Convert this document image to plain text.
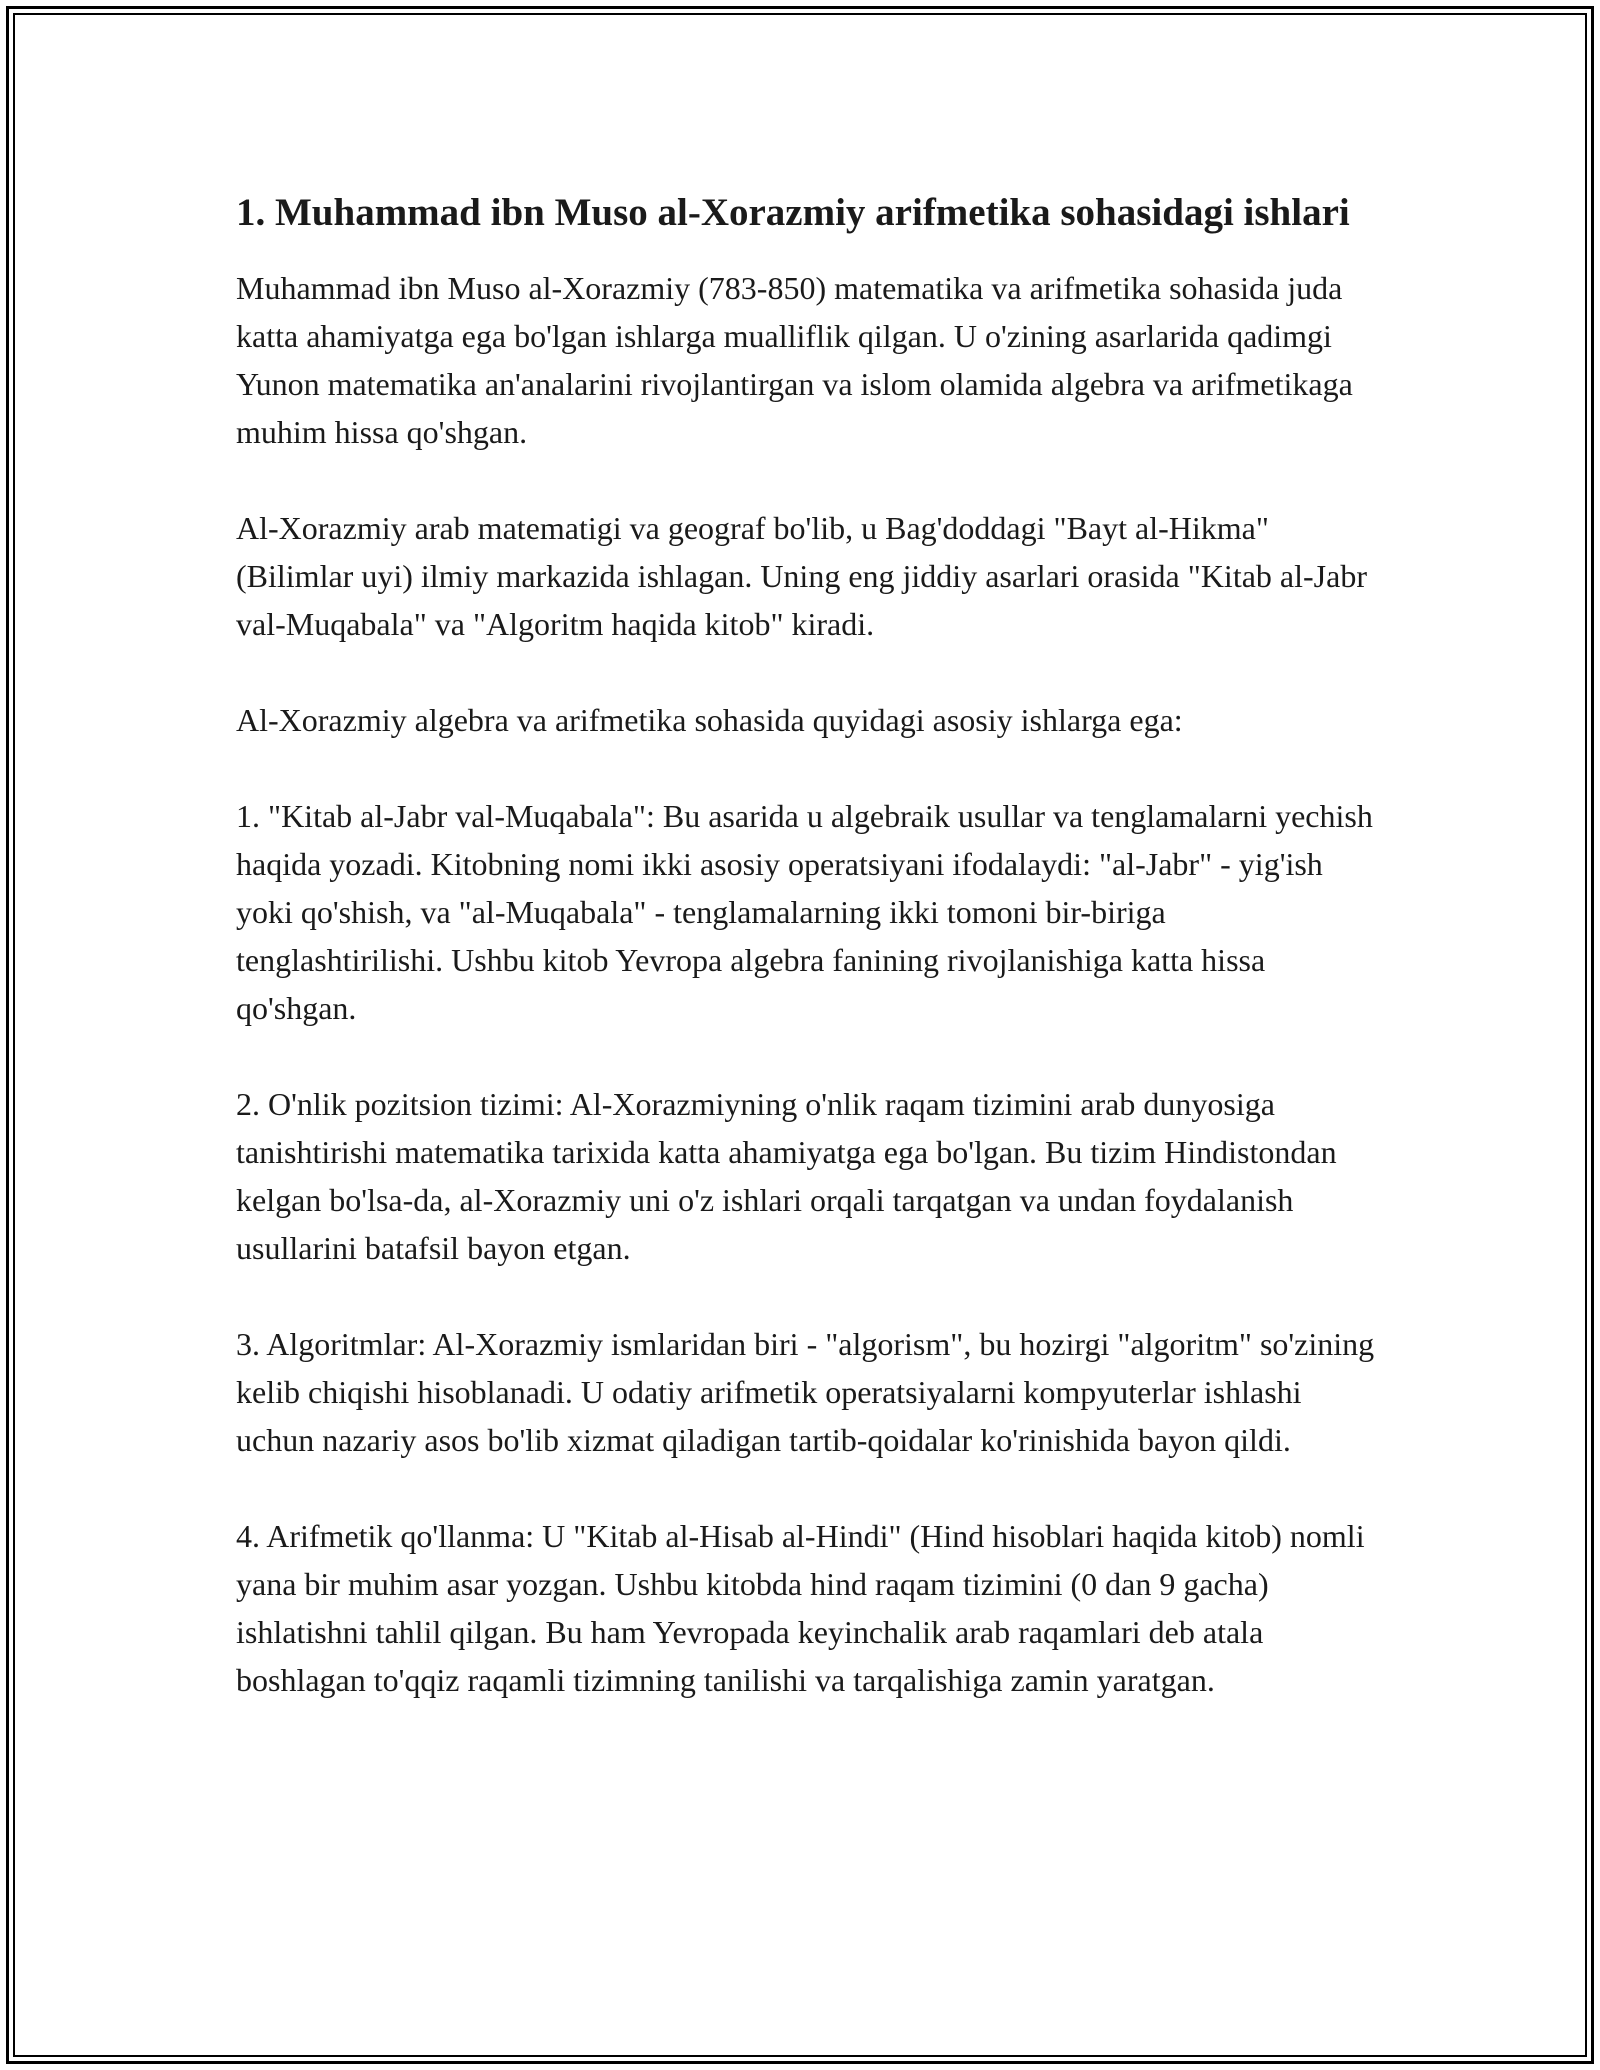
1. Muhammad ibn Muso al-Xorazmiy arifmetika sohasidagi ishlari

Muhammad ibn Muso al-Xorazmiy (783-850) matematika va arifmetika sohasida juda katta ahamiyatga ega bo'lgan ishlarga mualliflik qilgan. U o'zining asarlarida qadimgi Yunon matematika an'analarini rivojlantirgan va islom olamida algebra va arifmetikaga muhim hissa qo'shgan.

Al-Xorazmiy arab matematigi va geograf bo'lib, u Bag'doddagi "Bayt al-Hikma" (Bilimlar uyi) ilmiy markazida ishlagan. Uning eng jiddiy asarlari orasida "Kitab al-Jabr val-Muqabala" va "Algoritm haqida kitob" kiradi.

Al-Xorazmiy algebra va arifmetika sohasida quyidagi asosiy ishlarga ega:

1. "Kitab al-Jabr val-Muqabala": Bu asarida u algebraik usullar va tenglamalarni yechish haqida yozadi. Kitobning nomi ikki asosiy operatsiyani ifodalaydi: "al-Jabr" - yig'ish yoki qo'shish, va "al-Muqabala" - tenglamalarning ikki tomoni bir-biriga tenglashtirilishi. Ushbu kitob Yevropa algebra fanining rivojlanishiga katta hissa qo'shgan.

2. O'nlik pozitsion tizimi: Al-Xorazmiyning o'nlik raqam tizimini arab dunyosiga tanishtirishi matematika tarixida katta ahamiyatga ega bo'lgan. Bu tizim Hindistondan kelgan bo'lsa-da, al-Xorazmiy uni o'z ishlari orqali tarqatgan va undan foydalanish usullarini batafsil bayon etgan.

3. Algoritmlar: Al-Xorazmiy ismlaridan biri - "algorism", bu hozirgi "algoritm" so'zining kelib chiqishi hisoblanadi. U odatiy arifmetik operatsiyalarni kompyuterlar ishlashi uchun nazariy asos bo'lib xizmat qiladigan tartib-qoidalar ko'rinishida bayon qildi.

4. Arifmetik qo'llanma: U "Kitab al-Hisab al-Hindi" (Hind hisoblari haqida kitob) nomli yana bir muhim asar yozgan. Ushbu kitobda hind raqam tizimini (0 dan 9 gacha) ishlatishni tahlil qilgan. Bu ham Yevropada keyinchalik arab raqamlari deb atala boshlagan to'qqiz raqamli tizimning tanilishi va tarqalishiga zamin yaratgan.
